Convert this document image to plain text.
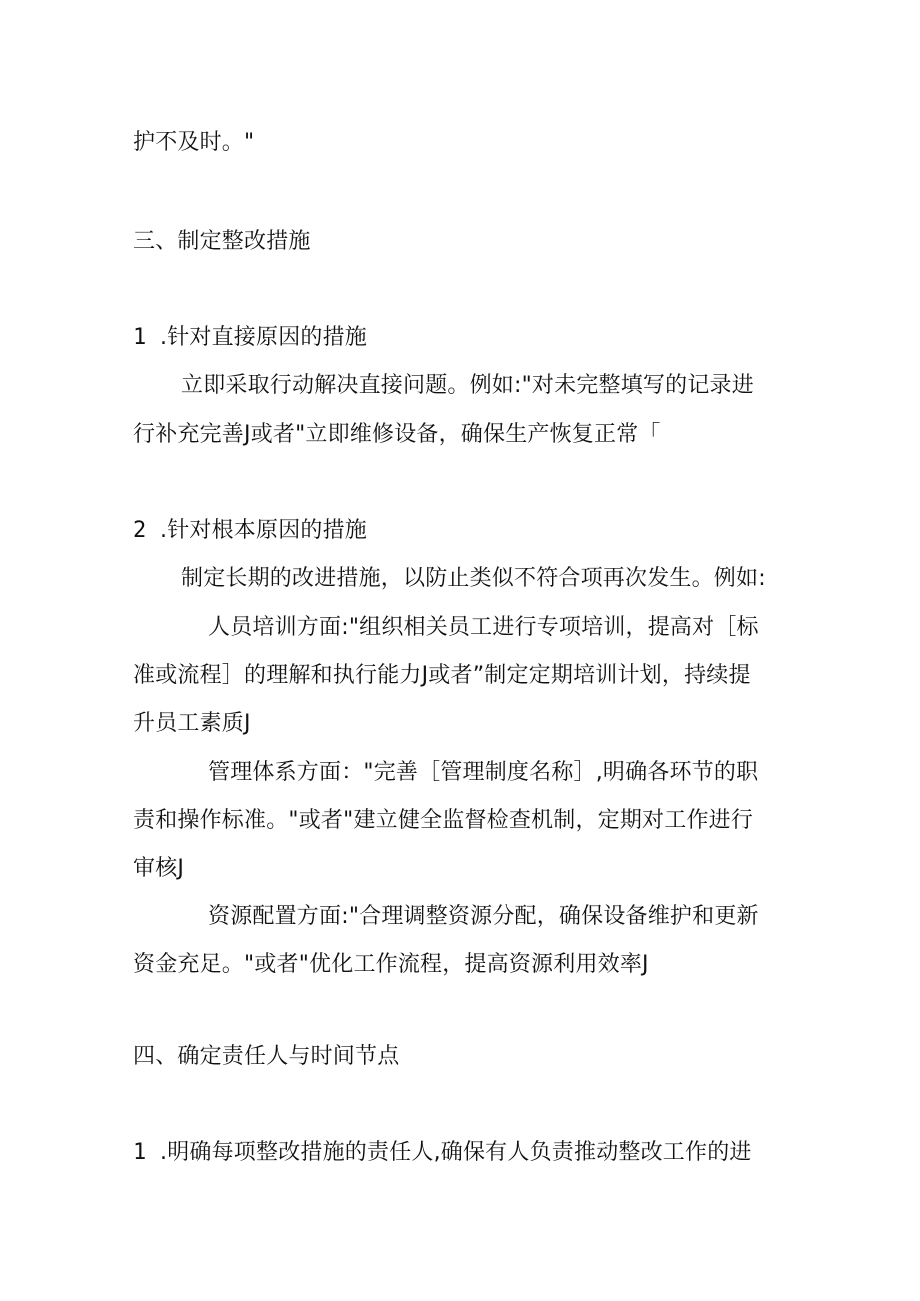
护不及时。"
三、制定整改措施
1 .针对直接原因的措施
立即采取行动解决直接问题。例如:"对未完整填写的记录进
行补充完善J或者"立即维修设备，确保生产恢复正常「
2 .针对根本原因的措施
制定长期的改进措施，以防止类似不符合项再次发生。例如:
人员培训方面:"组织相关员工进行专项培训，提高对［标
准或流程］的理解和执行能力J或者”制定定期培训计划，持续提
升员工素质J
管理体系方面："完善［管理制度名称］,明确各环节的职
责和操作标准。"或者"建立健全监督检查机制，定期对工作进行
审核J
资源配置方面:"合理调整资源分配，确保设备维护和更新
资金充足。"或者"优化工作流程，提高资源利用效率J
四、确定责任人与时间节点
1 .明确每项整改措施的责任人,确保有人负责推动整改工作的进
